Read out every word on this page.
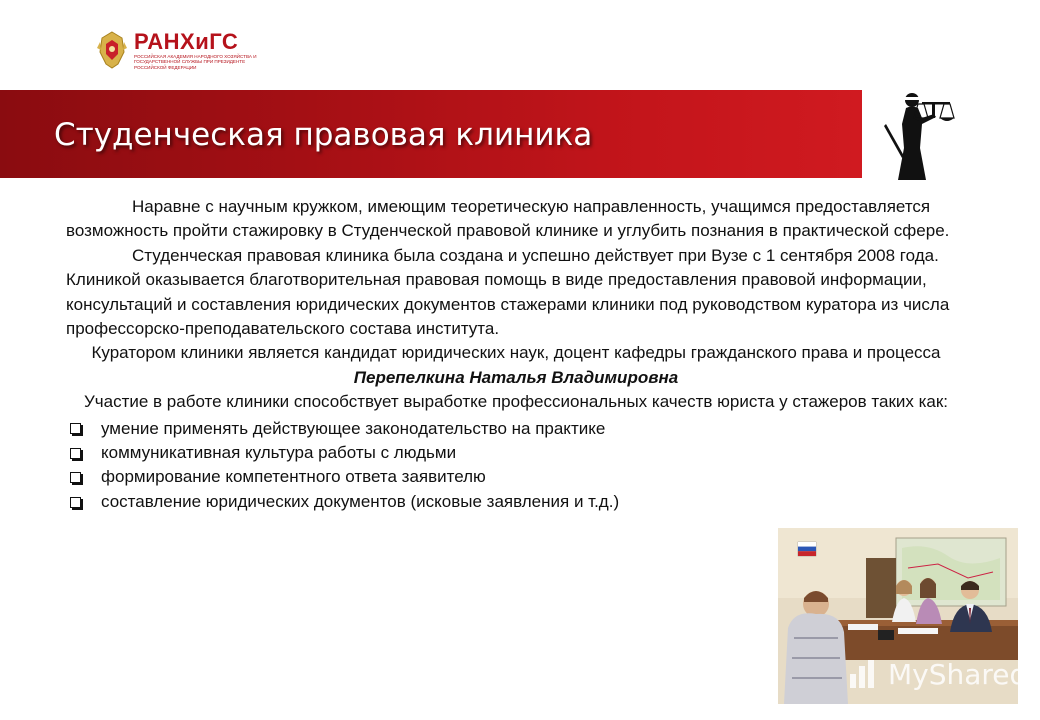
РАНХиГС
РОССИЙСКАЯ АКАДЕМИЯ НАРОДНОГО ХОЗЯЙСТВА И ГОСУДАРСТВЕННОЙ СЛУЖБЫ ПРИ ПРЕЗИДЕНТЕ РОССИЙСКОЙ ФЕДЕРАЦИИ
Студенческая правовая клиника

Наравне с научным кружком, имеющим теоретическую направленность, учащимся предоставляется возможность пройти стажировку в Студенческой правовой клинике и углубить познания в практической сфере.

Студенческая правовая клиника была создана и успешно действует при Вузе с 1 сентября 2008 года. Клиникой оказывается благотворительная правовая помощь в виде предоставления правовой информации, консультаций и составления юридических документов стажерами клиники под руководством куратора из числа профессорско-преподавательского состава института.

Куратором клиники является кандидат юридических наук, доцент кафедры гражданского права и процесса

Перепелкина Наталья Владимировна

Участие в работе клиники способствует выработке профессиональных качеств юриста у стажеров таких как:

умение применять действующее законодательство на практике
коммуникативная культура работы с людьми
формирование компетентного ответа заявителю
составление юридических документов (исковые заявления и т.д.)
MyShared
